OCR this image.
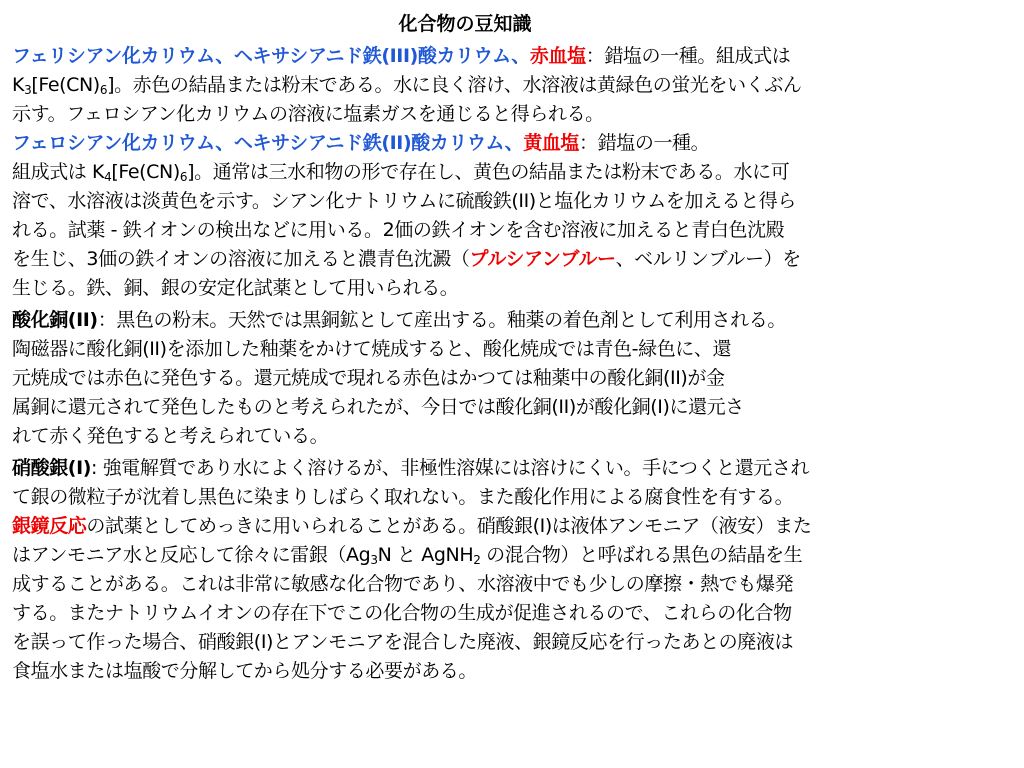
化合物の豆知識
フェリシアン化カリウム、ヘキサシアニド鉄(III)酸カリウム、赤血塩：錯塩の一種。組成式は
$K_3[Fe(CN)_6]$。赤色の結晶または粉末である。水に良く溶け、水溶液は黄緑色の蛍光をいくぶん
示す。フェロシアン化カリウムの溶液に塩素ガスを通じると得られる。
フェロシアン化カリウム、ヘキサシアニド鉄(II)酸カリウム、黄血塩：錯塩の一種。
組成式は $K_4[Fe(CN)_6]$。通常は三水和物の形で存在し、黄色の結晶または粉末である。水に可
溶で、水溶液は淡黄色を示す。シアン化ナトリウムに硫酸鉄(II)と塩化カリウムを加えると得ら
れる。試薬 - 鉄イオンの検出などに用いる。2価の鉄イオンを含む溶液に加えると青白色沈殿
を生じ、3価の鉄イオンの溶液に加えると濃青色沈澱（プルシアンブルー、ベルリンブルー）を
生じる。鉄、銅、銀の安定化試薬として用いられる。
酸化銅(II)：黒色の粉末。天然では黒銅鉱として産出する。釉薬の着色剤として利用される。
陶磁器に酸化銅(II)を添加した釉薬をかけて焼成すると、酸化焼成では青色-緑色に、還
元焼成では赤色に発色する。還元焼成で現れる赤色はかつては釉薬中の酸化銅(II)が金
属銅に還元されて発色したものと考えられたが、今日では酸化銅(II)が酸化銅(I)に還元さ
れて赤く発色すると考えられている。
硝酸銀(I): 強電解質であり水によく溶けるが、非極性溶媒には溶けにくい。手につくと還元され
て銀の微粒子が沈着し黒色に染まりしばらく取れない。また酸化作用による腐食性を有する。
銀鏡反応の試薬としてめっきに用いられることがある。硝酸銀(I)は液体アンモニア（液安）また
はアンモニア水と反応して徐々に雷銀（$Ag_3N$ と AgNH$_2$ の混合物）と呼ばれる黒色の結晶を生
成することがある。これは非常に敏感な化合物であり、水溶液中でも少しの摩擦・熱でも爆発
する。またナトリウムイオンの存在下でこの化合物の生成が促進されるので、これらの化合物
を誤って作った場合、硝酸銀(I)とアンモニアを混合した廃液、銀鏡反応を行ったあとの廃液は
食塩水または塩酸で分解してから処分する必要がある。
